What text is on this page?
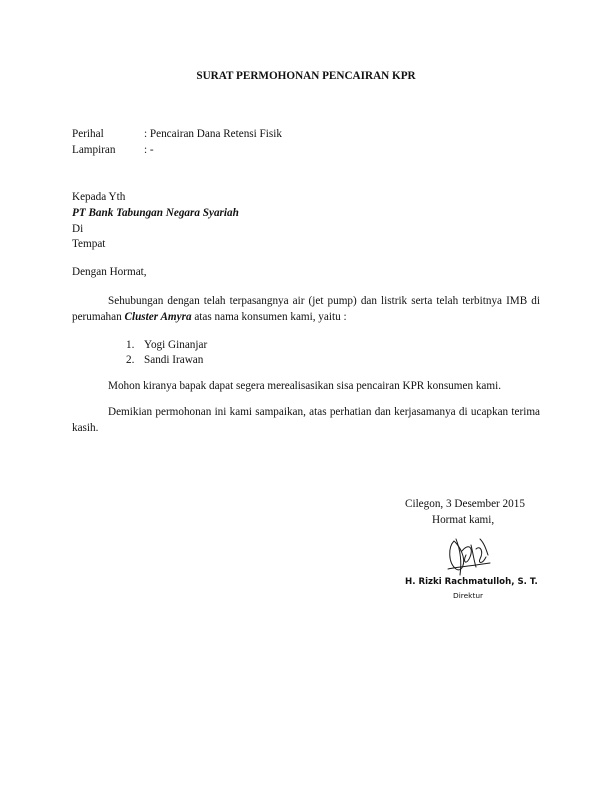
SURAT PERMOHONAN PENCAIRAN KPR
Perihal	: Pencairan Dana Retensi Fisik
Lampiran	: -
Kepada Yth
PT Bank Tabungan Negara Syariah
Di
Tempat
Dengan Hormat,
Sehubungan dengan telah terpasangnya air (jet pump) dan listrik serta telah terbitnya IMB di perumahan Cluster Amyra atas nama konsumen kami, yaitu :
1. Yogi Ginanjar
2. Sandi Irawan
Mohon kiranya bapak dapat segera merealisasikan sisa pencairan KPR konsumen kami.
Demikian permohonan ini kami sampaikan, atas perhatian dan kerjasamanya di ucapkan terima kasih.
Cilegon, 3 Desember 2015
Hormat kami,
H. Rizki Rachmatulloh, S. T.
Direktur
